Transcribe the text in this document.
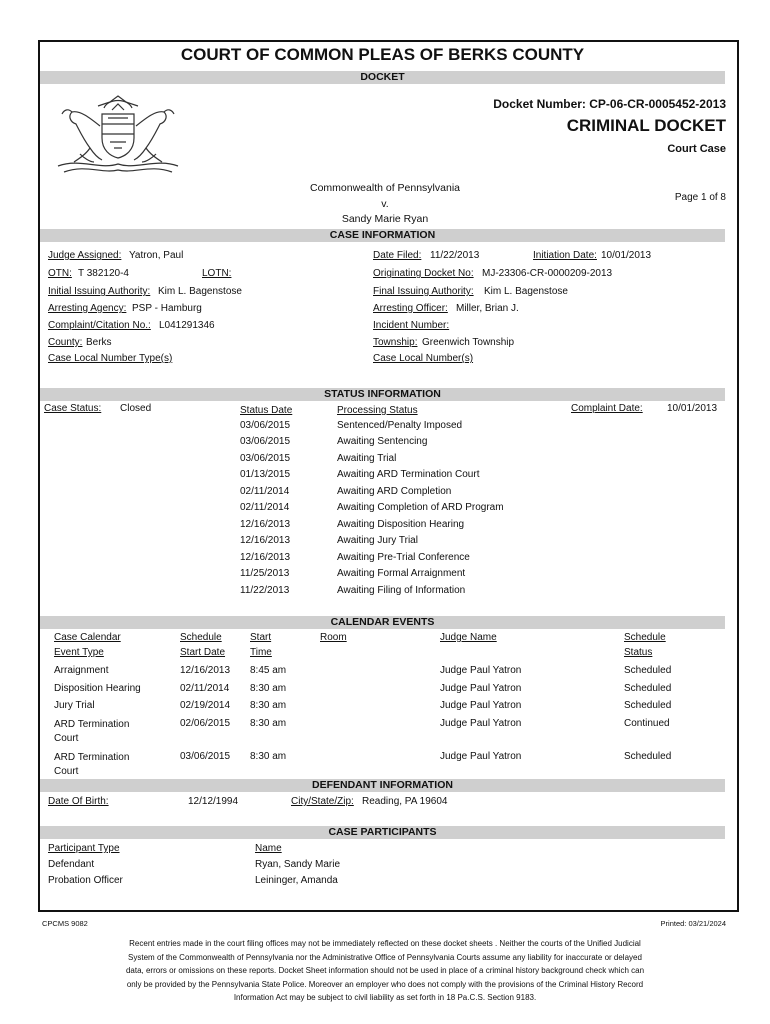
COURT OF COMMON PLEAS OF BERKS COUNTY
DOCKET
Docket Number: CP-06-CR-0005452-2013
CRIMINAL DOCKET
Court Case
Commonwealth of Pennsylvania
v.
Sandy Marie Ryan
Page 1 of 8
CASE INFORMATION
Judge Assigned: Yatron, Paul	Date Filed: 11/22/2013	Initiation Date: 10/01/2013
OTN: T 382120-4	LOTN:	Originating Docket No: MJ-23306-CR-0000209-2013
Initial Issuing Authority: Kim L. Bagenstose	Final Issuing Authority: Kim L. Bagenstose
Arresting Agency: PSP - Hamburg	Arresting Officer: Miller, Brian J.
Complaint/Citation No.: L041291346	Incident Number:
County: Berks	Township: Greenwich Township
Case Local Number Type(s)	Case Local Number(s)
STATUS INFORMATION
Case Status: Closed	Status Date	Processing Status	Complaint Date: 10/01/2013
03/06/2015	Sentenced/Penalty Imposed
03/06/2015	Awaiting Sentencing
03/06/2015	Awaiting Trial
01/13/2015	Awaiting ARD Termination Court
02/11/2014	Awaiting ARD Completion
02/11/2014	Awaiting Completion of ARD Program
12/16/2013	Awaiting Disposition Hearing
12/16/2013	Awaiting Jury Trial
12/16/2013	Awaiting Pre-Trial Conference
11/25/2013	Awaiting Formal Arraignment
11/22/2013	Awaiting Filing of Information
CALENDAR EVENTS
Case Calendar
Event Type
Schedule
Start Date
Start
Time
Room	Judge Name	Schedule
Status
Arraignment	12/16/2013 8:45 am	Judge Paul Yatron	Scheduled
Disposition Hearing	02/11/2014 8:30 am	Judge Paul Yatron	Scheduled
Jury Trial	02/19/2014 8:30 am	Judge Paul Yatron	Scheduled
ARD Termination
Court
02/06/2015 8:30 am	Judge Paul Yatron	Continued
ARD Termination
Court
03/06/2015 8:30 am	Judge Paul Yatron	Scheduled
DEFENDANT INFORMATION
Date Of Birth:	12/12/1994	City/State/Zip: Reading, PA 19604
CASE PARTICIPANTS
Participant Type	Name
Defendant	Ryan, Sandy Marie
Probation Officer	Leininger, Amanda
CPCMS 9082	Printed: 03/21/2024
Recent entries made in the court filing offices may not be immediately reflected on these docket sheets . Neither the courts of the Unified Judicial
System of the Commonwealth of Pennsylvania nor the Administrative Office of Pennsylvania Courts assume any liability for inaccurate or delayed
data, errors or omissions on these reports. Docket Sheet information should not be used in place of a criminal history background check which can
only be provided by the Pennsylvania State Police. Moreover an employer who does not comply with the provisions of the Criminal History Record
Information Act may be subject to civil liability as set forth in 18 Pa.C.S. Section 9183.
